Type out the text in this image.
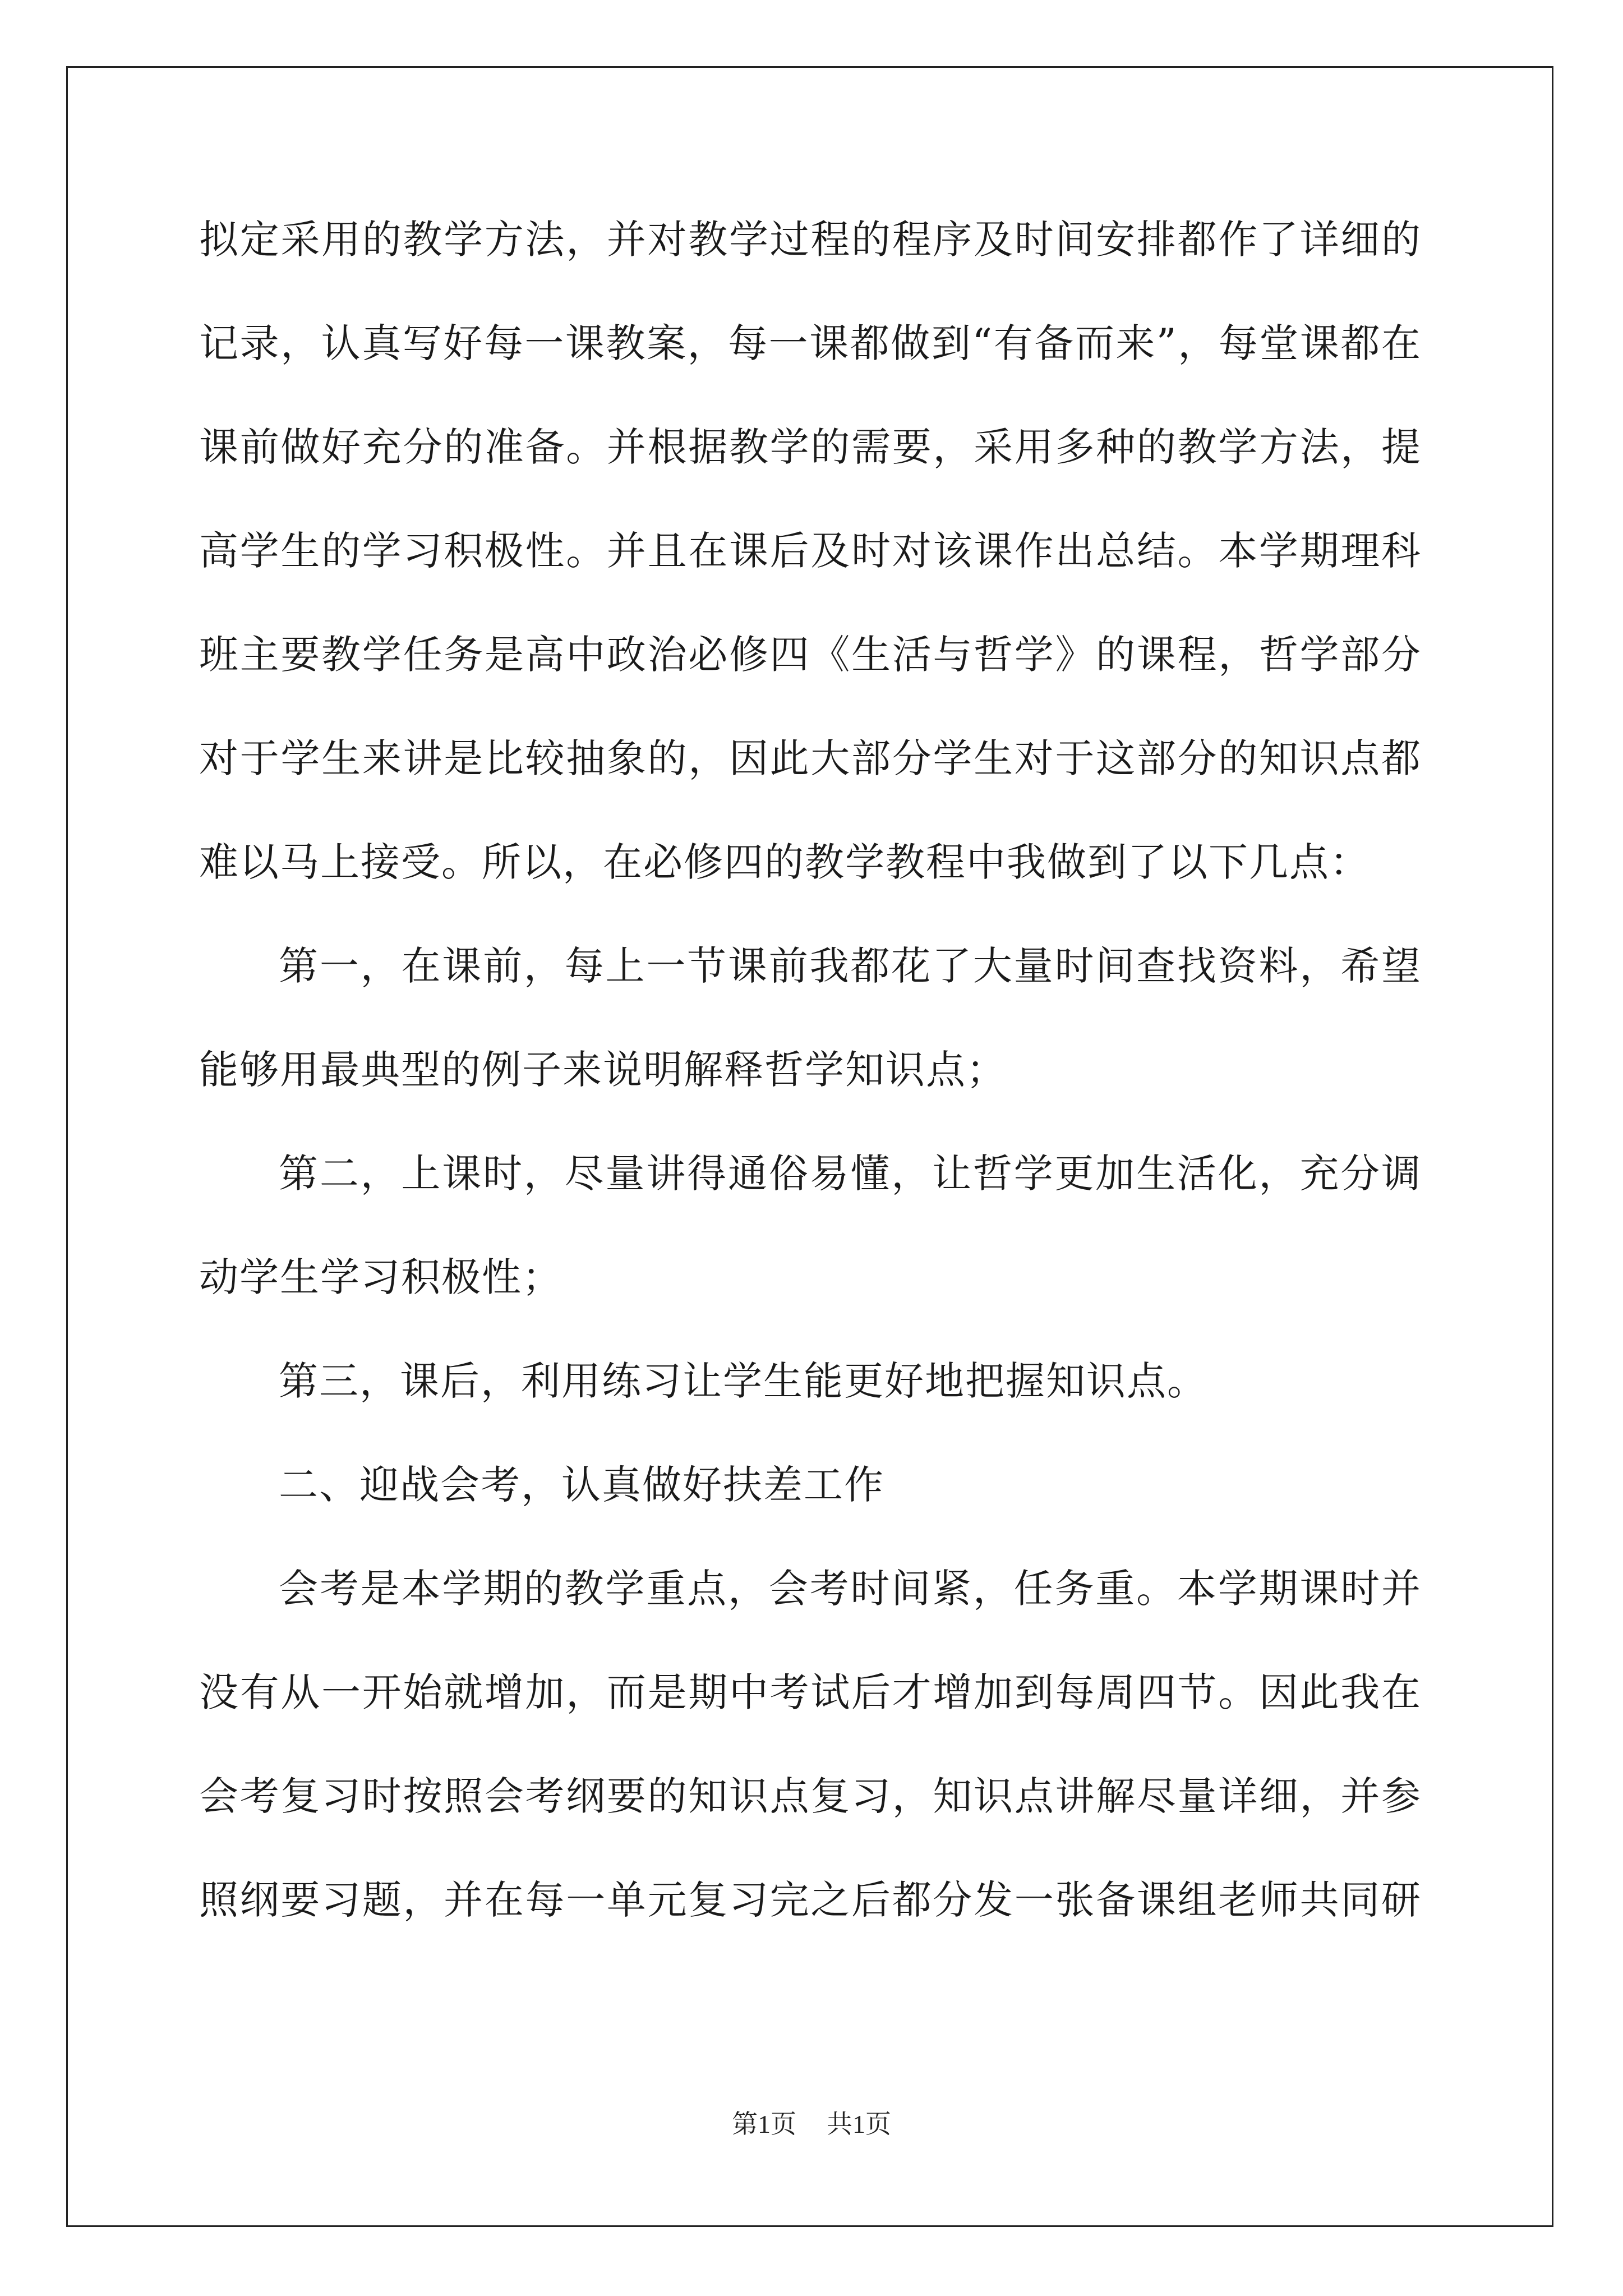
拟定采用的教学方法，并对教学过程的程序及时间安排都作了详细的
记录，认真写好每一课教案，每一课都做到“有备而来”，每堂课都在
课前做好充分的准备。并根据教学的需要，采用多种的教学方法，提
高学生的学习积极性。并且在课后及时对该课作出总结。本学期理科
班主要教学任务是高中政治必修四《生活与哲学》的课程，哲学部分
对于学生来讲是比较抽象的，因此大部分学生对于这部分的知识点都
难以马上接受。所以，在必修四的教学教程中我做到了以下几点：
第一，在课前，每上一节课前我都花了大量时间查找资料，希望
能够用最典型的例子来说明解释哲学知识点；
第二，上课时，尽量讲得通俗易懂，让哲学更加生活化，充分调
动学生学习积极性；
第三，课后，利用练习让学生能更好地把握知识点。
二、迎战会考，认真做好扶差工作
会考是本学期的教学重点，会考时间紧，任务重。本学期课时并
没有从一开始就增加，而是期中考试后才增加到每周四节。因此我在
会考复习时按照会考纲要的知识点复习，知识点讲解尽量详细，并参
照纲要习题，并在每一单元复习完之后都分发一张备课组老师共同研
第1页 共1页
